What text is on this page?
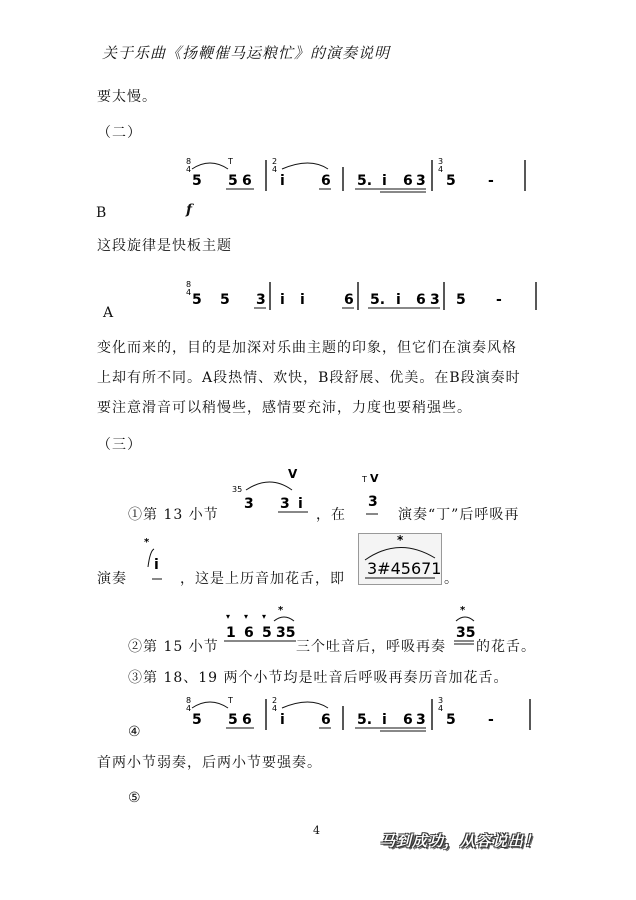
关于乐曲《扬鞭催马运粮忙》的演奏说明
要太慢。
（二）
8
4
5
T
5 6
2
4
i	6 5. i 6 3
3
4
5 -
B	f
这段旋律是快板主题
8
4 5 5 3 i i	6 5. i 6 3 5 -
A
变化而来的，目的是加深对乐曲主题的印象，但它们在演奏风格
上却有所不同。A段热情、欢快，B段舒展、优美。在B段演奏时
要注意滑音可以稍慢些，感情要充沛，力度也要稍强些。
（三）
①第 13 小节
35
3
V
3 i
，在
T V
3
演奏“丁”后呼吸再
演奏
*
i
，这是上历音加花舌，即
*
3#45671
。
②第 15 小节
▾ ▾ ▾
*
1 6 5 35
三个吐音后，呼吸再奏
*
35
的花舌。
③第 18、19 两个小节均是吐音后呼吸再奏历音加花舌。
④
8
4
5
T
5 6
2
4
i	6 5. i 6 3
3
4
5 -
首两小节弱奏，后两小节要强奏。
⑤
4
马到成功，从容说出！
